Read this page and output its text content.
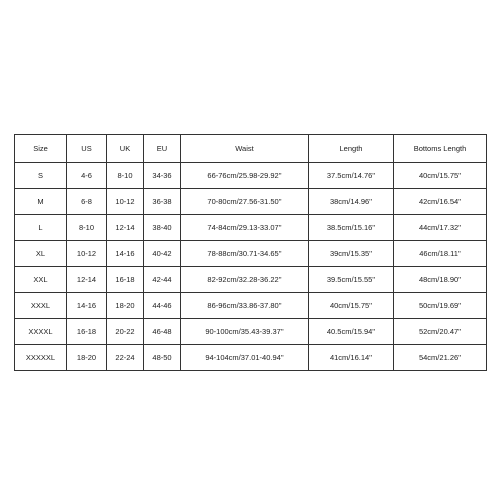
Size	US	UK	EU	Waist	Length	Bottoms Length
S	4-6	8-10	34-36	66-76cm/25.98-29.92''	37.5cm/14.76''	40cm/15.75''
M	6-8	10-12	36-38	70-80cm/27.56-31.50''	38cm/14.96''	42cm/16.54''
L	8-10	12-14	38-40	74-84cm/29.13-33.07''	38.5cm/15.16''	44cm/17.32''
XL	10-12	14-16	40-42	78-88cm/30.71-34.65''	39cm/15.35''	46cm/18.11''
XXL	12-14	16-18	42-44	82-92cm/32.28-36.22''	39.5cm/15.55''	48cm/18.90''
XXXL	14-16	18-20	44-46	86-96cm/33.86-37.80''	40cm/15.75''	50cm/19.69''
XXXXL	16-18	20-22	46-48	90-100cm/35.43-39.37''	40.5cm/15.94''	52cm/20.47''
XXXXXL	18-20	22-24	48-50	94-104cm/37.01-40.94''	41cm/16.14''	54cm/21.26''
